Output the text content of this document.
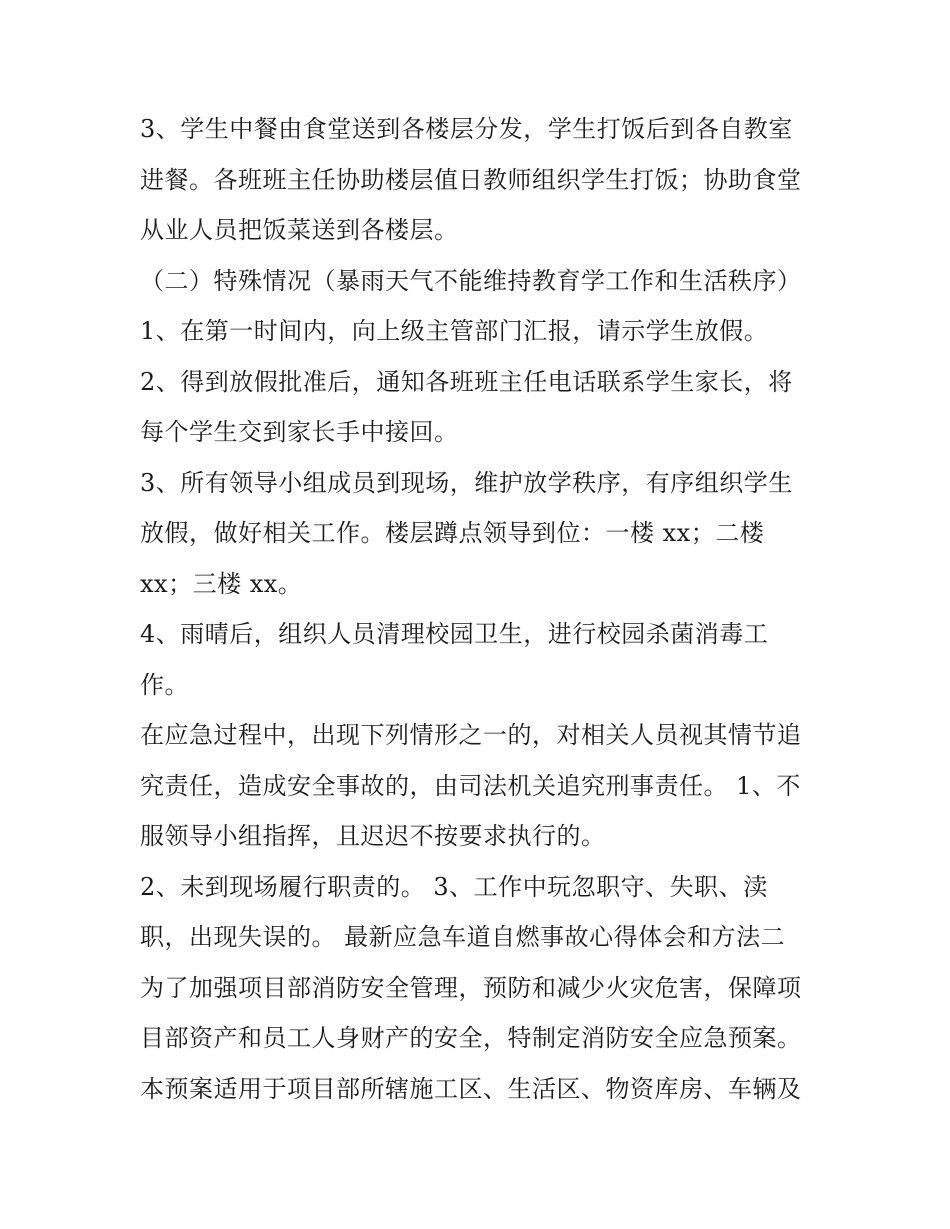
3、学生中餐由食堂送到各楼层分发，学生打饭后到各自教室
进餐。各班班主任协助楼层值日教师组织学生打饭；协助食堂
从业人员把饭菜送到各楼层。
（二）特殊情况（暴雨天气不能维持教育学工作和生活秩序）
1、在第一时间内，向上级主管部门汇报，请示学生放假。
2、得到放假批准后，通知各班班主任电话联系学生家长，将
每个学生交到家长手中接回。
3、所有领导小组成员到现场，维护放学秩序，有序组织学生
放假，做好相关工作。楼层蹲点领导到位：一楼 xx；二楼
xx；三楼 xx。
4、雨晴后，组织人员清理校园卫生，进行校园杀菌消毒工
作。
在应急过程中，出现下列情形之一的，对相关人员视其情节追
究责任，造成安全事故的，由司法机关追究刑事责任。 1、不
服领导小组指挥，且迟迟不按要求执行的。
2、未到现场履行职责的。 3、工作中玩忽职守、失职、渎
职，出现失误的。 最新应急车道自燃事故心得体会和方法二
为了加强项目部消防安全管理，预防和减少火灾危害，保障项
目部资产和员工人身财产的安全，特制定消防安全应急预案。
本预案适用于项目部所辖施工区、生活区、物资库房、车辆及
